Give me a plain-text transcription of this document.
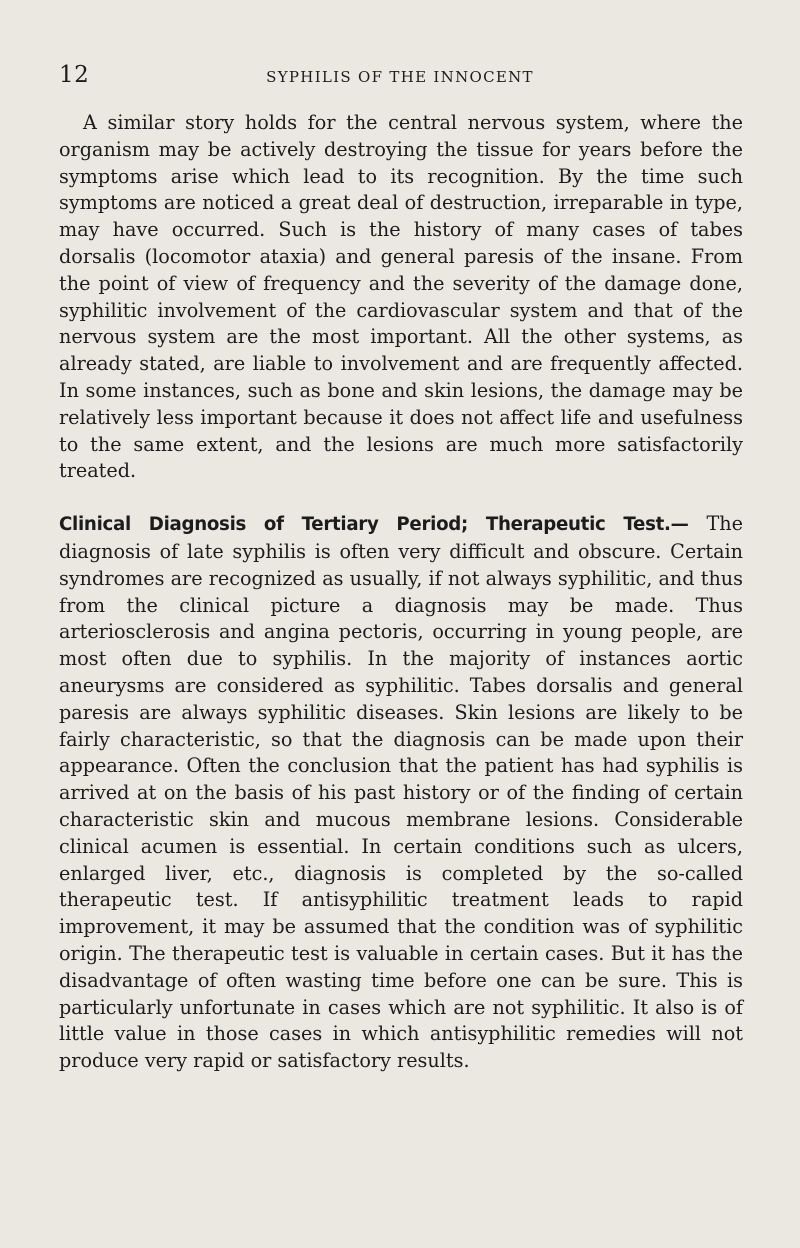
12	SYPHILIS OF THE INNOCENT

A similar story holds for the central nervous system, where the organism may be actively destroying the tissue for years before the symptoms arise which lead to its recognition. By the time such symptoms are noticed a great deal of destruction, irreparable in type, may have occurred. Such is the history of many cases of tabes dorsalis (locomotor ataxia) and general paresis of the insane. From the point of view of frequency and the severity of the damage done, syphilitic involvement of the cardiovascular system and that of the nervous system are the most important. All the other systems, as already stated, are liable to involvement and are frequently affected. In some instances, such as bone and skin lesions, the damage may be relatively less important because it does not affect life and usefulness to the same extent, and the lesions are much more satisfactorily treated.

Clinical Diagnosis of Tertiary Period; Therapeutic Test.— The diagnosis of late syphilis is often very difficult and obscure. Certain syndromes are recognized as usually, if not always syphilitic, and thus from the clinical picture a diagnosis may be made. Thus arteriosclerosis and angina pectoris, occurring in young people, are most often due to syphilis. In the majority of instances aortic aneurysms are considered as syphilitic. Tabes dorsalis and general paresis are always syphilitic diseases. Skin lesions are likely to be fairly characteristic, so that the diagnosis can be made upon their appearance. Often the conclusion that the patient has had syphilis is arrived at on the basis of his past history or of the finding of certain characteristic skin and mucous membrane lesions. Considerable clinical acumen is essential. In certain conditions such as ulcers, enlarged liver, etc., diagnosis is completed by the so-called therapeutic test. If antisyphilitic treatment leads to rapid improvement, it may be assumed that the condition was of syphilitic origin. The therapeutic test is valuable in certain cases. But it has the disadvantage of often wasting time before one can be sure. This is particularly unfortunate in cases which are not syphilitic. It also is of little value in those cases in which antisyphilitic remedies will not produce very rapid or satisfactory results.
